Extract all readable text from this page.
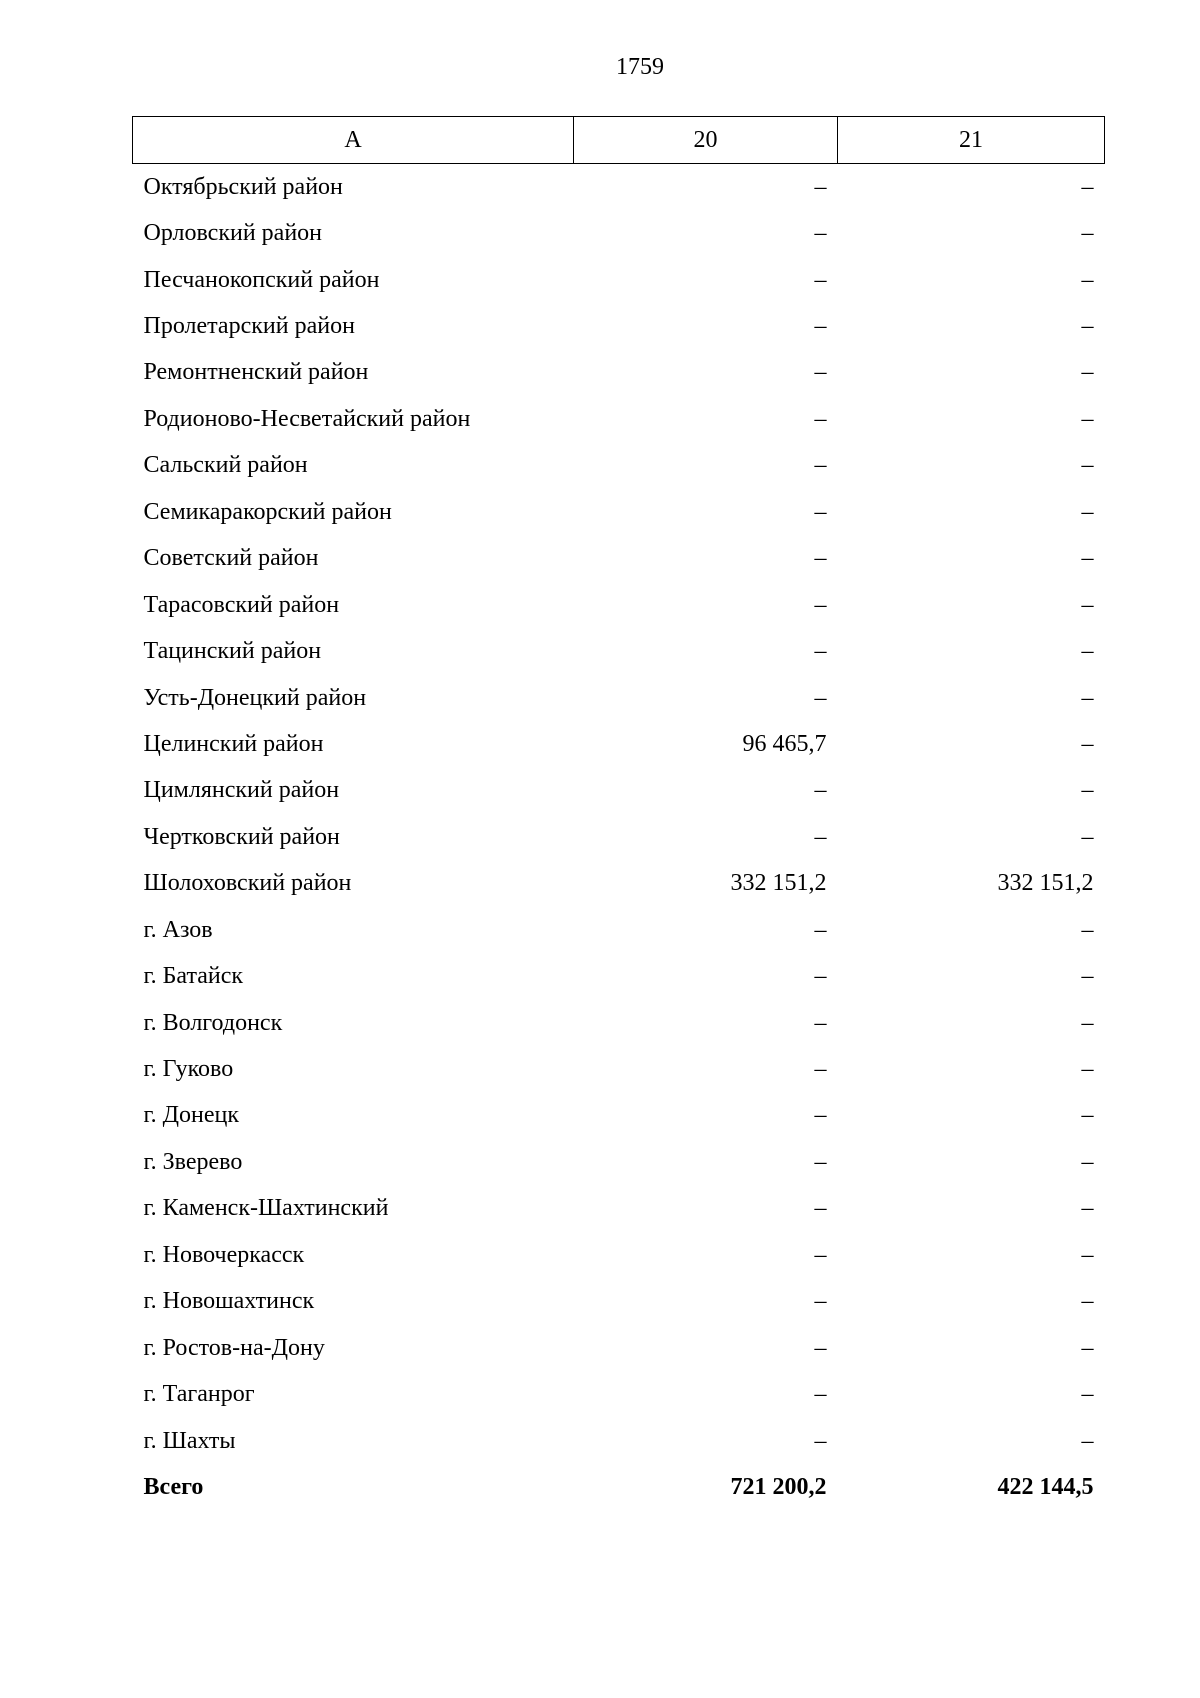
1759
А	20	21
Октябрьский район	–	–
Орловский район	–	–
Песчанокопский район	–	–
Пролетарский район	–	–
Ремонтненский район	–	–
Родионово-Несветайский район	–	–
Сальский район	–	–
Семикаракорский район	–	–
Советский район	–	–
Тарасовский район	–	–
Тацинский район	–	–
Усть-Донецкий район	–	–
Целинский район	96 465,7	–
Цимлянский район	–	–
Чертковский район	–	–
Шолоховский район	332 151,2	332 151,2
г. Азов	–	–
г. Батайск	–	–
г. Волгодонск	–	–
г. Гуково	–	–
г. Донецк	–	–
г. Зверево	–	–
г. Каменск-Шахтинский	–	–
г. Новочеркасск	–	–
г. Новошахтинск	–	–
г. Ростов-на-Дону	–	–
г. Таганрог	–	–
г. Шахты	–	–
Всего	721 200,2	422 144,5
